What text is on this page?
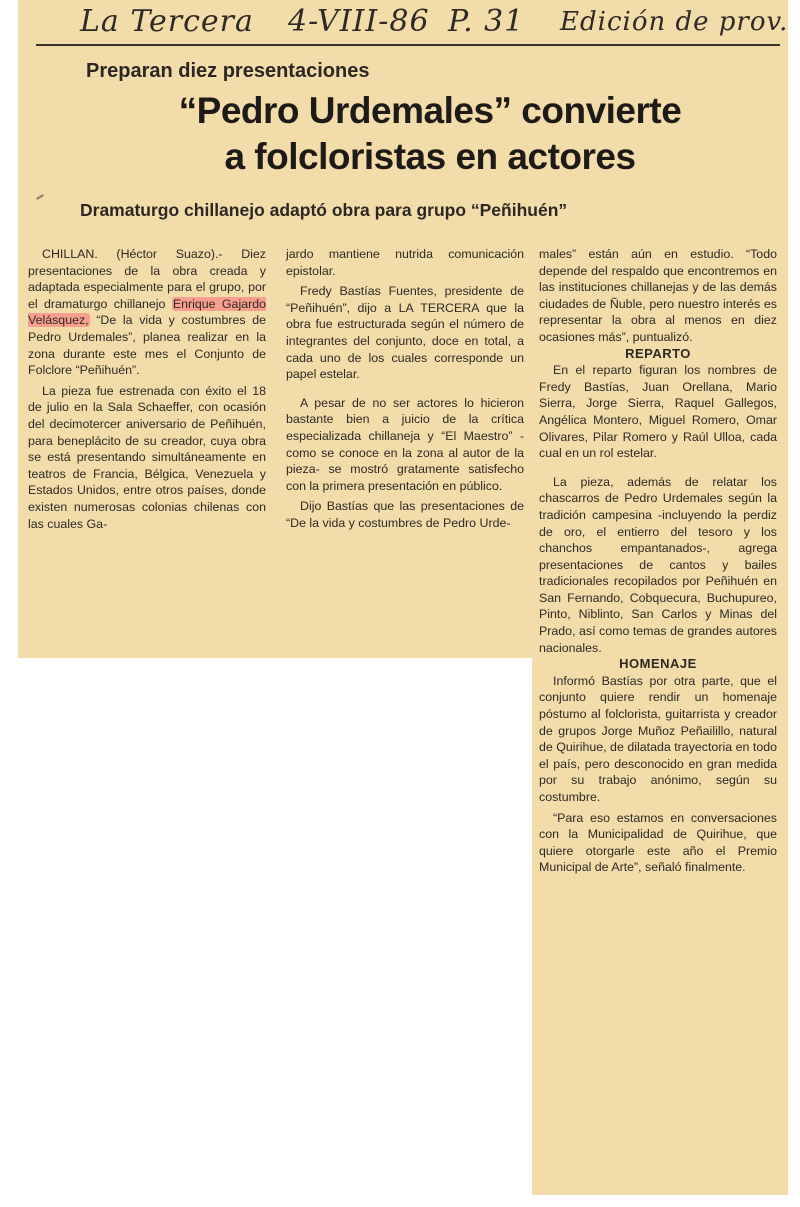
La Tercera 4-VIII-86 P. 31 Edición de prov.
Preparan diez presentaciones
“Pedro Urdemales” convierte
a folcloristas en actores
Dramaturgo chillanejo adaptó obra para grupo “Peñihuén”

CHILLAN. (Héctor Suazo).- Diez presentaciones de la obra creada y adaptada especialmente para el grupo, por el dramaturgo chillanejo Enrique Gajardo Velásquez, “De la vida y costumbres de Pedro Urdemales”, planea realizar en la zona durante este mes el Conjunto de Folclore “Peñihuén”.

La pieza fue estrenada con éxito el 18 de julio en la Sala Schaeffer, con ocasión del decimotercer aniversario de Peñihuén, para beneplácito de su creador, cuya obra se está presentando simultáneamente en teatros de Francia, Bélgica, Venezuela y Estados Unidos, entre otros países, donde existen numerosas colonias chilenas con las cuales Ga-

jardo mantiene nutrida comunicación epistolar.

Fredy Bastías Fuentes, presidente de “Peñihuén”, dijo a LA TERCERA que la obra fue estructurada según el número de integrantes del conjunto, doce en total, a cada uno de los cuales corresponde un papel estelar.

A pesar de no ser actores lo hicieron bastante bien a juicio de la crítica especializada chillaneja y “El Maestro” -como se conoce en la zona al autor de la pieza- se mostró gratamente satisfecho con la primera presentación en público.

Dijo Bastías que las presentaciones de “De la vida y costumbres de Pedro Urde-

males” están aún en estudio. “Todo depende del respaldo que encontremos en las instituciones chillanejas y de las demás ciudades de Ñuble, pero nuestro interés es representar la obra al menos en diez ocasiones más”, puntualizó.

REPARTO

En el reparto figuran los nombres de Fredy Bastías, Juan Orellana, Mario Sierra, Jorge Sierra, Raquel Gallegos, Angélica Montero, Miguel Romero, Omar Olivares, Pilar Romero y Raúl Ulloa, cada cual en un rol estelar.

La pieza, además de relatar los chascarros de Pedro Urdemales según la tradición campesina -incluyendo la perdiz de oro, el entierro del tesoro y los chanchos empantanados-, agrega presentaciones de cantos y bailes tradicionales recopilados por Peñihuén en San Fernando, Cobquecura, Buchupureo, Pinto, Niblinto, San Carlos y Minas del Prado, así como temas de grandes autores nacionales.

HOMENAJE

Informó Bastías por otra parte, que el conjunto quiere rendir un homenaje póstumo al folclorista, guitarrista y creador de grupos Jorge Muñoz Peñailillo, natural de Quirihue, de dilatada trayectoria en todo el país, pero desconocido en gran medida por su trabajo anónimo, según su costumbre.

“Para eso estamos en conversaciones con la Municipalidad de Quirihue, que quiere otorgarle este año el Premio Municipal de Arte”, señaló finalmente.
